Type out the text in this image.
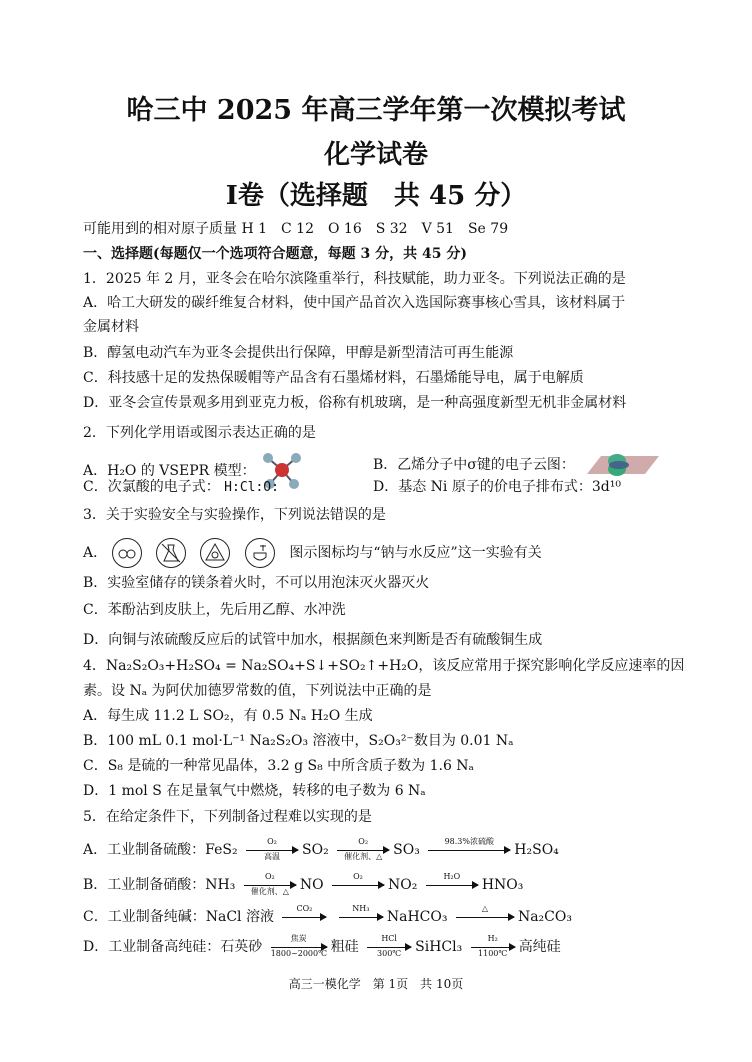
哈三中 2025 年高三学年第一次模拟考试
化学试卷
I卷（选择题　共 45 分）
可能用到的相对原子质量 H 1　C 12　O 16　S 32　V 51　Se 79
一、选择题(每题仅一个选项符合题意，每题 3 分，共 45 分)
1．2025 年 2 月，亚冬会在哈尔滨隆重举行，科技赋能，助力亚冬。下列说法正确的是
A．哈工大研发的碳纤维复合材料，使中国产品首次入选国际赛事核心雪具，该材料属于
金属材料
B．醇氢电动汽车为亚冬会提供出行保障，甲醇是新型清洁可再生能源
C．科技感十足的发热保暖帽等产品含有石墨烯材料，石墨烯能导电，属于电解质
D．亚冬会宣传景观多用到亚克力板，俗称有机玻璃，是一种高强度新型无机非金属材料
2．下列化学用语或图示表达正确的是
A．H₂O 的 VSEPR 模型：	B．乙烯分子中σ键的电子云图：
C．次氯酸的电子式： H:Cl:O:	D．基态 Ni 原子的价电子排布式：3d¹⁰
3．关于实验安全与实验操作，下列说法错误的是
A．	图示图标均与“钠与水反应”这一实验有关
B．实验室储存的镁条着火时，不可以用泡沫灭火器灭火
C．苯酚沾到皮肤上，先后用乙醇、水冲洗
D．向铜与浓硫酸反应后的试管中加水，根据颜色来判断是否有硫酸铜生成
4．Na₂S₂O₃+H₂SO₄ = Na₂SO₄+S↓+SO₂↑+H₂O，该反应常用于探究影响化学反应速率的因
素。设 Nₐ 为阿伏加德罗常数的值，下列说法中正确的是
A．每生成 11.2 L SO₂，有 0.5 Nₐ H₂O 生成
B．100 mL 0.1 mol·L⁻¹ Na₂S₂O₃ 溶液中，S₂O₃²⁻数目为 0.01 Nₐ
C．S₈ 是硫的一种常见晶体，3.2 g S₈ 中所含质子数为 1.6 Nₐ
D．1 mol S 在足量氧气中燃烧，转移的电子数为 6 Nₐ
5．在给定条件下，下列制备过程难以实现的是
A．工业制备硫酸：FeS₂
O₂
高温	SO₂
O₂
催化剂、△ SO₃
98.3%浓硫酸
H₂SO₄
B．工业制备硝酸：NH₃
O₂
催化剂、△ NO
O₂
NO₂
H₂O
HNO₃
C．工业制备纯碱：NaCl 溶液
CO₂
	NH₃
NaHCO₃
△
Na₂CO₃
D．工业制备高纯硅：石英砂
焦炭
1800~2000℃ 粗硅
HCl
300℃ SiHCl₃ $\frac{\text{H₂}}{1100℃}$ 高纯硅
高三一模化学　第 1页　共 10页
